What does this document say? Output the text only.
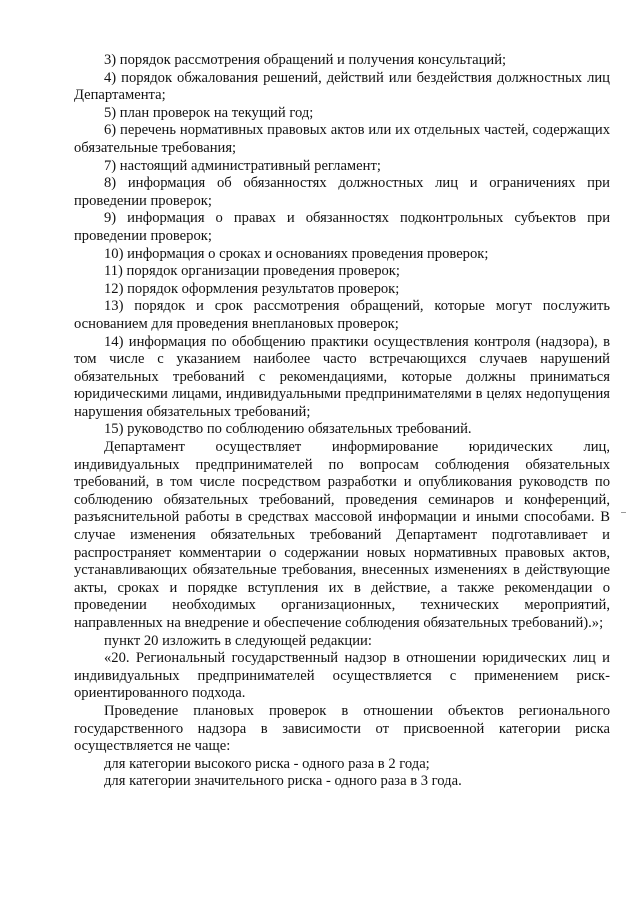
3) порядок рассмотрения обращений и получения консультаций;

4) порядок обжалования решений, действий или бездействия должностных лиц Департамента;

5) план проверок на текущий год;

6) перечень нормативных правовых актов или их отдельных частей, содержащих обязательные требования;

7) настоящий административный регламент;

8) информация об обязанностях должностных лиц и ограничениях при проведении проверок;

9) информация о правах и обязанностях подконтрольных субъектов при проведении проверок;

10) информация о сроках и основаниях проведения проверок;

11) порядок организации проведения проверок;

12) порядок оформления результатов проверок;

13) порядок и срок рассмотрения обращений, которые могут послужить основанием для проведения внеплановых проверок;

14) информация по обобщению практики осуществления контроля (надзора), в том числе с указанием наиболее часто встречающихся случаев нарушений обязательных требований с рекомендациями, которые должны приниматься юридическими лицами, индивидуальными предпринимателями в целях недопущения нарушения обязательных требований;

15) руководство по соблюдению обязательных требований.

Департамент осуществляет информирование юридических лиц, индивидуальных предпринимателей по вопросам соблюдения обязательных требований, в том числе посредством разработки и опубликования руководств по соблюдению обязательных требований, проведения семинаров и конференций, разъяснительной работы в средствах массовой информации и иными способами. В случае изменения обязательных требований Департамент подготавливает и распространяет комментарии о содержании новых нормативных правовых актов, устанавливающих обязательные требования, внесенных изменениях в действующие акты, сроках и порядке вступления их в действие, а также рекомендации о проведении необходимых организационных, технических мероприятий, направленных на внедрение и обеспечение соблюдения обязательных требований).»;

пункт 20 изложить в следующей редакции:

«20. Региональный государственный надзор в отношении юридических лиц и индивидуальных предпринимателей осуществляется с применением риск-ориентированного подхода.

Проведение плановых проверок в отношении объектов регионального государственного надзора в зависимости от присвоенной категории риска осуществляется не чаще:

для категории высокого риска - одного раза в 2 года;

для категории значительного риска - одного раза в 3 года.
